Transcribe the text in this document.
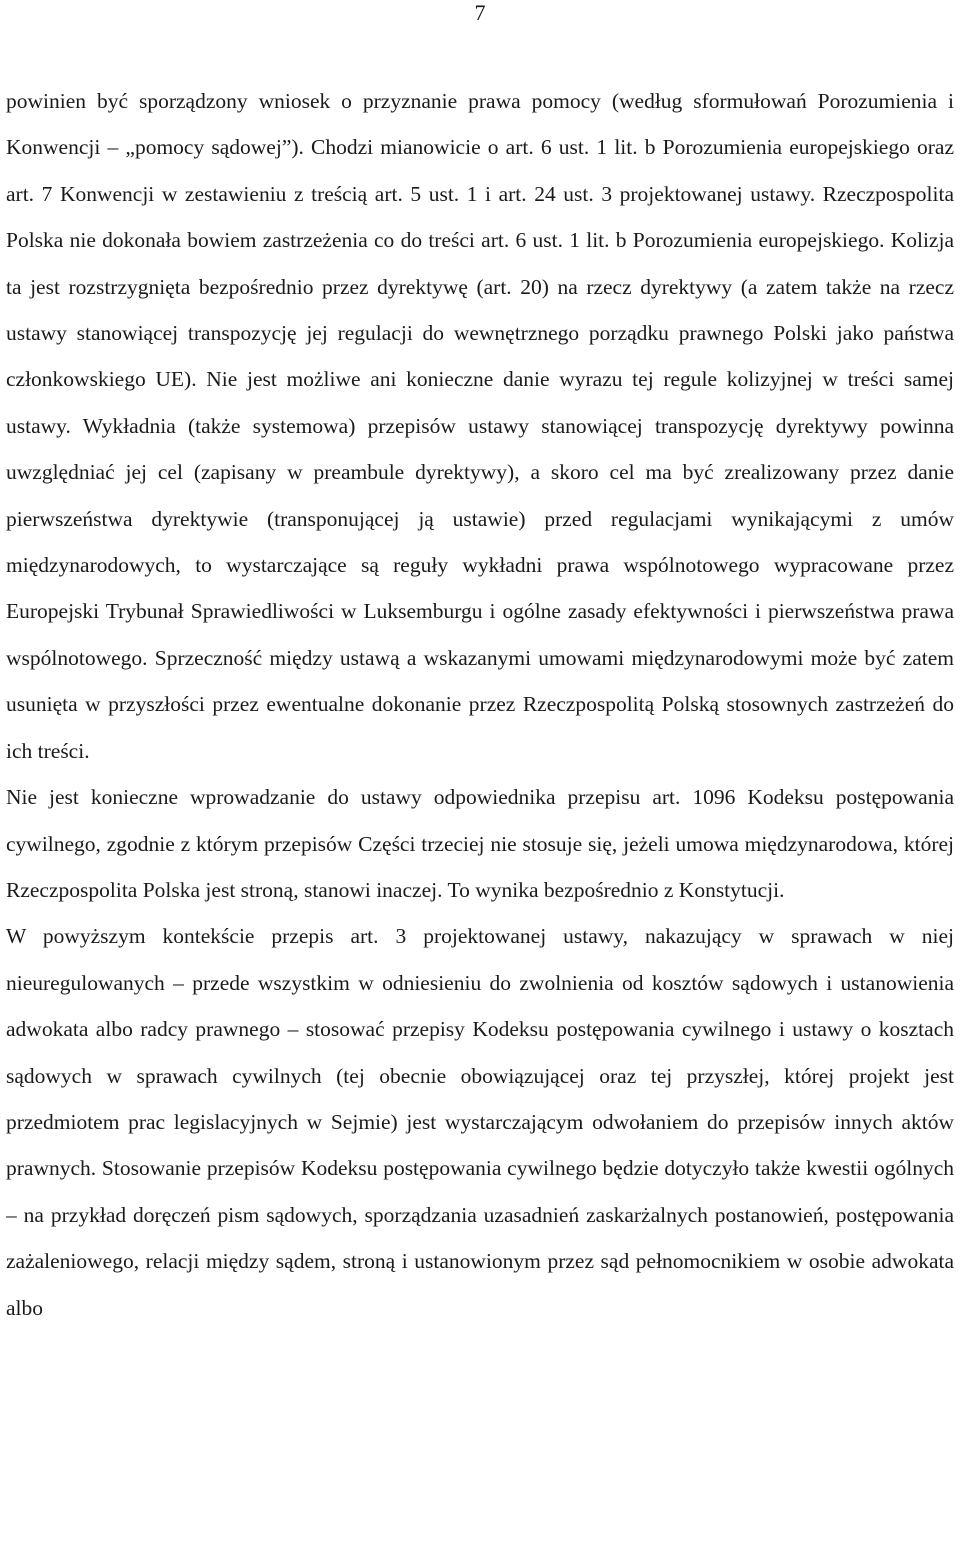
7

powinien być sporządzony wniosek o przyznanie prawa pomocy (według sformułowań Porozumienia i Konwencji – „pomocy sądowej”). Chodzi mianowicie o art. 6 ust. 1 lit. b Porozumienia europejskiego oraz art. 7 Konwencji w zestawieniu z treścią art. 5 ust. 1 i art. 24 ust. 3 projektowanej ustawy. Rzeczpospolita Polska nie dokonała bowiem zastrzeżenia co do treści art. 6 ust. 1 lit. b Porozumienia europejskiego. Kolizja ta jest rozstrzygnięta bezpośrednio przez dyrektywę (art. 20) na rzecz dyrektywy (a zatem także na rzecz ustawy stanowiącej transpozycję jej regulacji do wewnętrznego porządku prawnego Polski jako państwa członkowskiego UE). Nie jest możliwe ani konieczne danie wyrazu tej regule kolizyjnej w treści samej ustawy. Wykładnia (także systemowa) przepisów ustawy stanowiącej transpozycję dyrektywy powinna uwzględniać jej cel (zapisany w preambule dyrektywy), a skoro cel ma być zrealizowany przez danie pierwszeństwa dyrektywie (transponującej ją ustawie) przed regulacjami wynikającymi z umów międzynarodowych, to wystarczające są reguły wykładni prawa wspólnotowego wypracowane przez Europejski Trybunał Sprawiedliwości w Luksemburgu i ogólne zasady efektywności i pierwszeństwa prawa wspólnotowego. Sprzeczność między ustawą a wskazanymi umowami międzynarodowymi może być zatem usunięta w przyszłości przez ewentualne dokonanie przez Rzeczpospolitą Polską stosownych zastrzeżeń do ich treści.

Nie jest konieczne wprowadzanie do ustawy odpowiednika przepisu art. 1096 Kodeksu postępowania cywilnego, zgodnie z którym przepisów Części trzeciej nie stosuje się, jeżeli umowa międzynarodowa, której Rzeczpospolita Polska jest stroną, stanowi inaczej. To wynika bezpośrednio z Konstytucji.

W powyższym kontekście przepis art. 3 projektowanej ustawy, nakazujący w sprawach w niej nieuregulowanych – przede wszystkim w odniesieniu do zwolnienia od kosztów sądowych i ustanowienia adwokata albo radcy prawnego – stosować przepisy Kodeksu postępowania cywilnego i ustawy o kosztach sądowych w sprawach cywilnych (tej obecnie obowiązującej oraz tej przyszłej, której projekt jest przedmiotem prac legislacyjnych w Sejmie) jest wystarczającym odwołaniem do przepisów innych aktów prawnych. Stosowanie przepisów Kodeksu postępowania cywilnego będzie dotyczyło także kwestii ogólnych – na przykład doręczeń pism sądowych, sporządzania uzasadnień zaskarżalnych postanowień, postępowania zażaleniowego, relacji między sądem, stroną i ustanowionym przez sąd pełnomocnikiem w osobie adwokata albo
